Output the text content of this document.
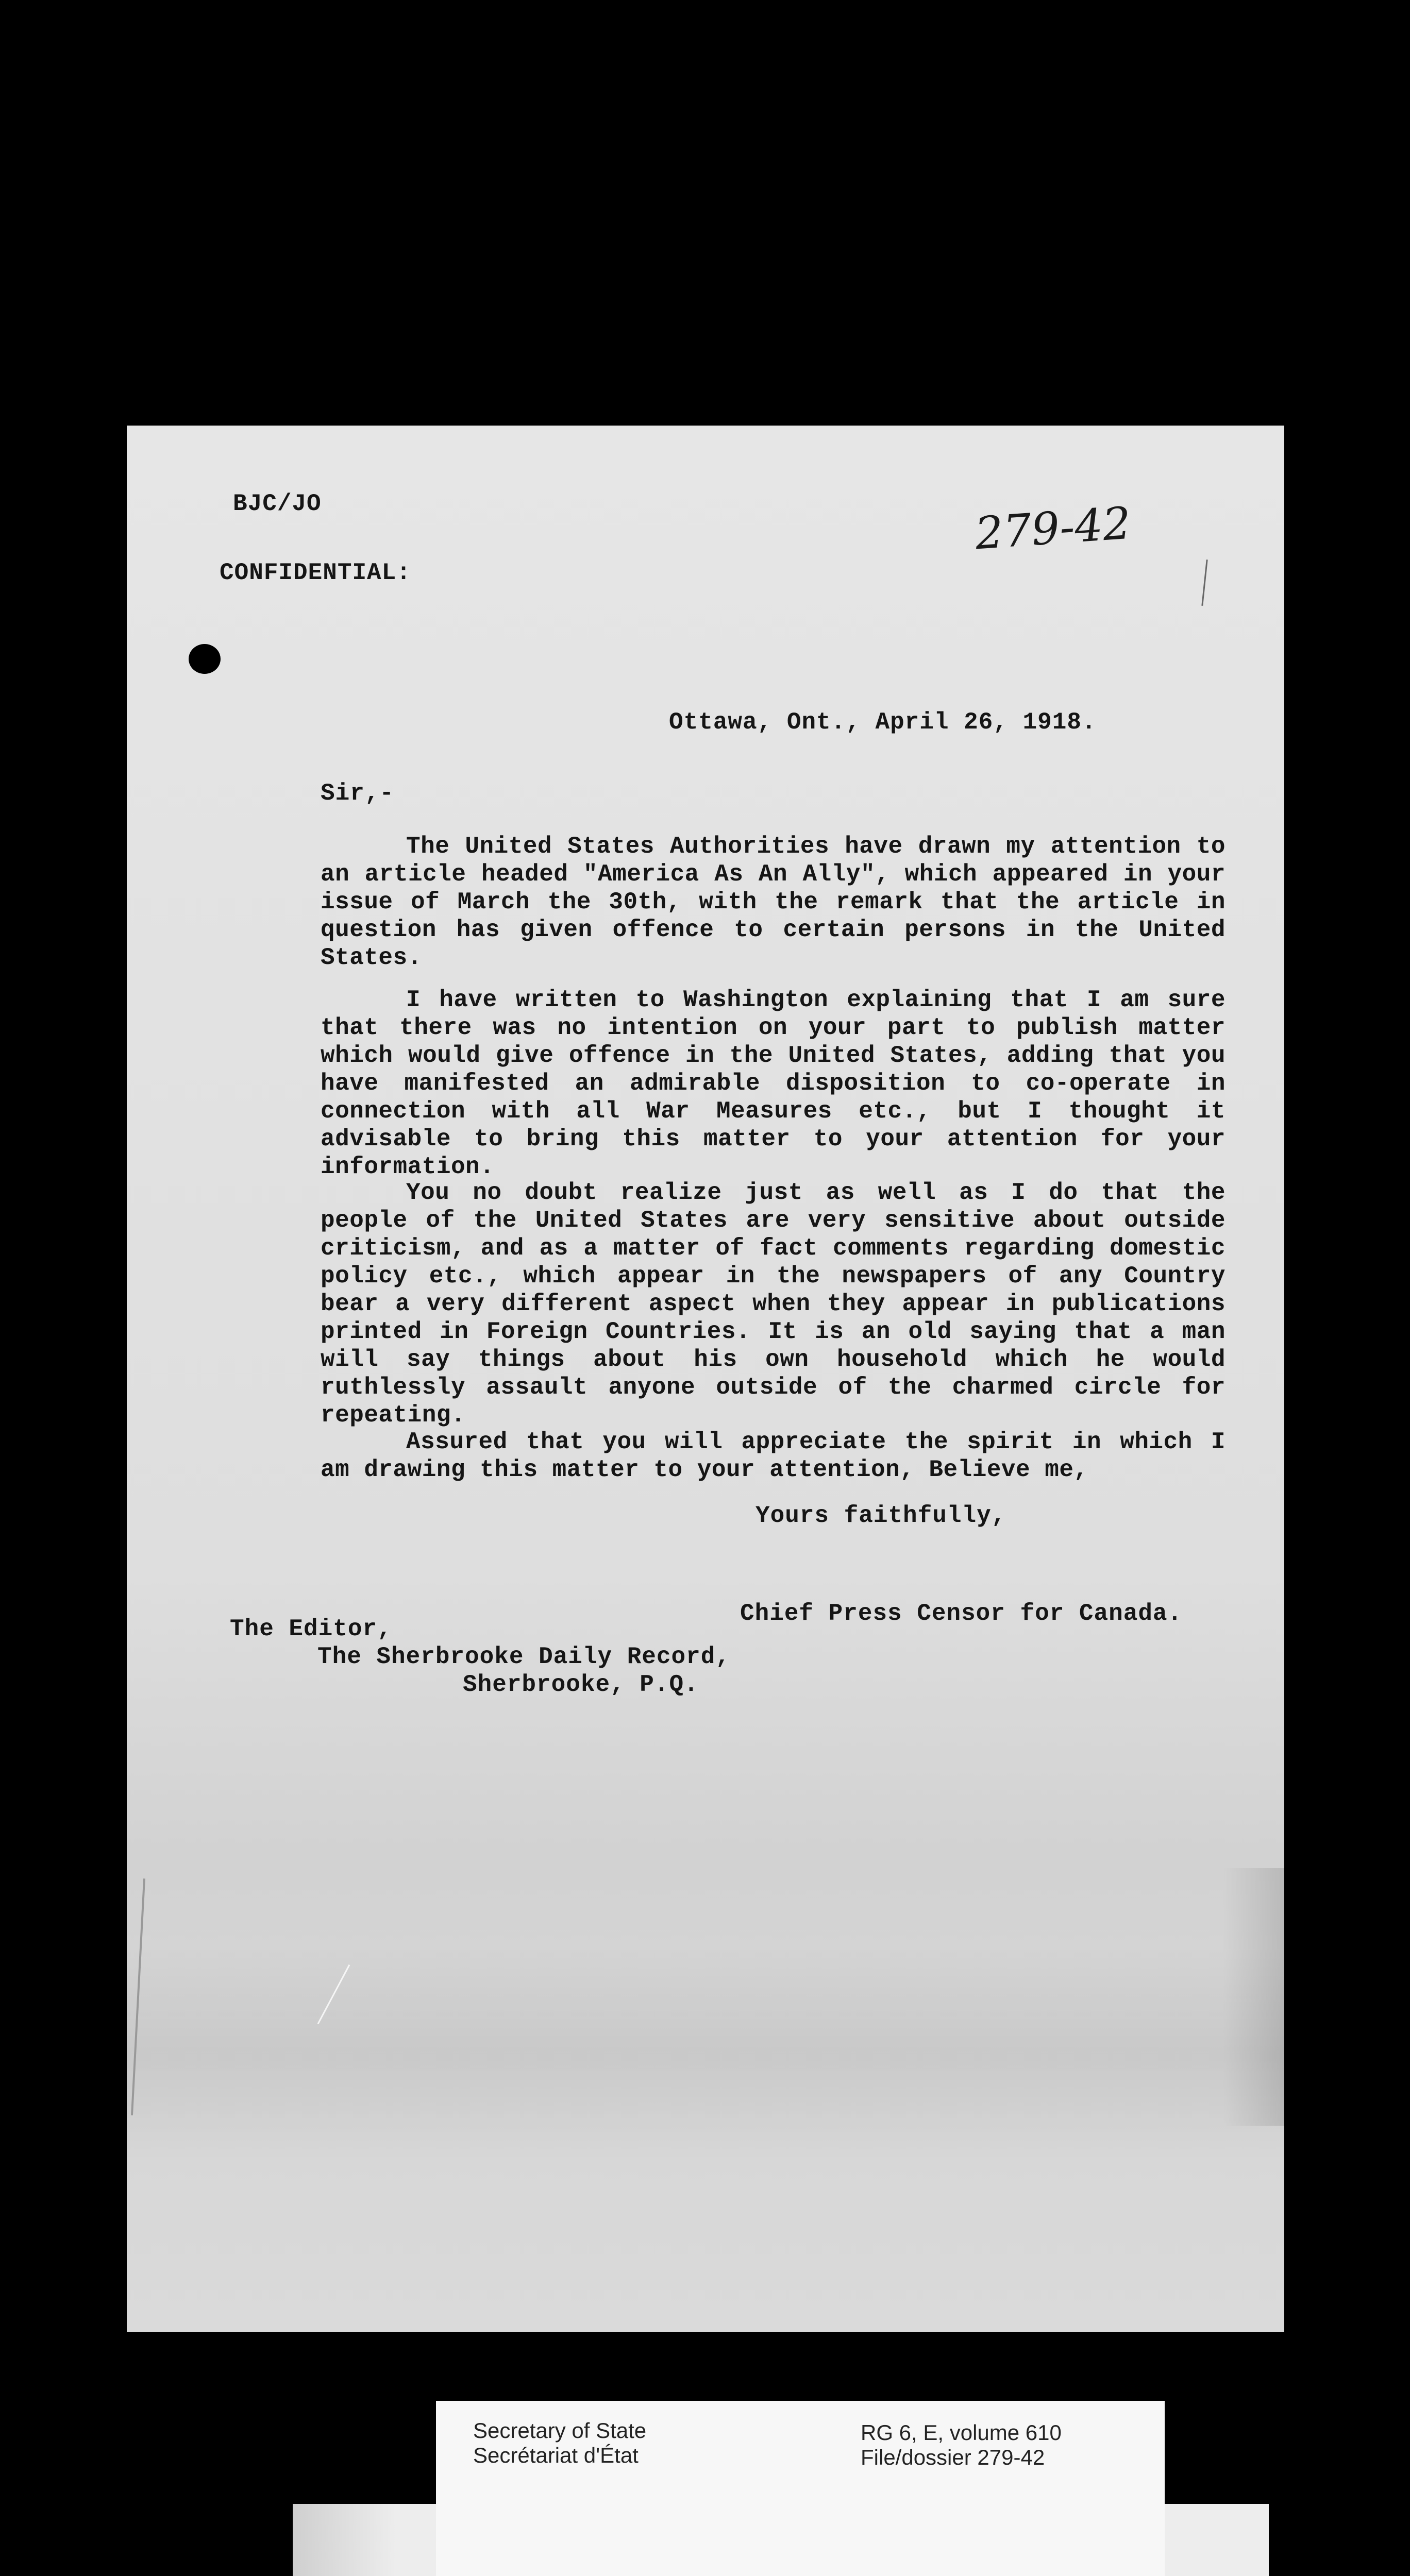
BJC/JO
CONFIDENTIAL:
279-42
Ottawa, Ont., April 26, 1918.
Sir,-

The United States Authorities have drawn my attention to an article headed "America As An Ally", which appeared in your issue of March the 30th, with the remark that the article in question has given offence to certain persons in the United States.

I have written to Washington explaining that I am sure that there was no intention on your part to publish matter which would give offence in the United States, adding that you have manifested an admirable disposition to co-operate in connection with all War Measures etc., but I thought it advisable to bring this matter to your attention for your information.

You no doubt realize just as well as I do that the people of the United States are very sensitive about outside criticism, and as a matter of fact comments regarding domestic policy etc., which appear in the newspapers of any Country bear a very different aspect when they appear in publications printed in Foreign Countries. It is an old saying that a man will say things about his own household which he would ruthlessly assault anyone outside of the charmed circle for repeating.

Assured that you will appreciate the spirit in which I am drawing this matter to your attention, Believe me,

Yours faithfully,
Chief Press Censor for Canada.
The Editor,
The Sherbrooke Daily Record,
Sherbrooke, P.Q.
Secretary of State
Secrétariat d'État
RG 6, E, volume 610
File/dossier 279-42
